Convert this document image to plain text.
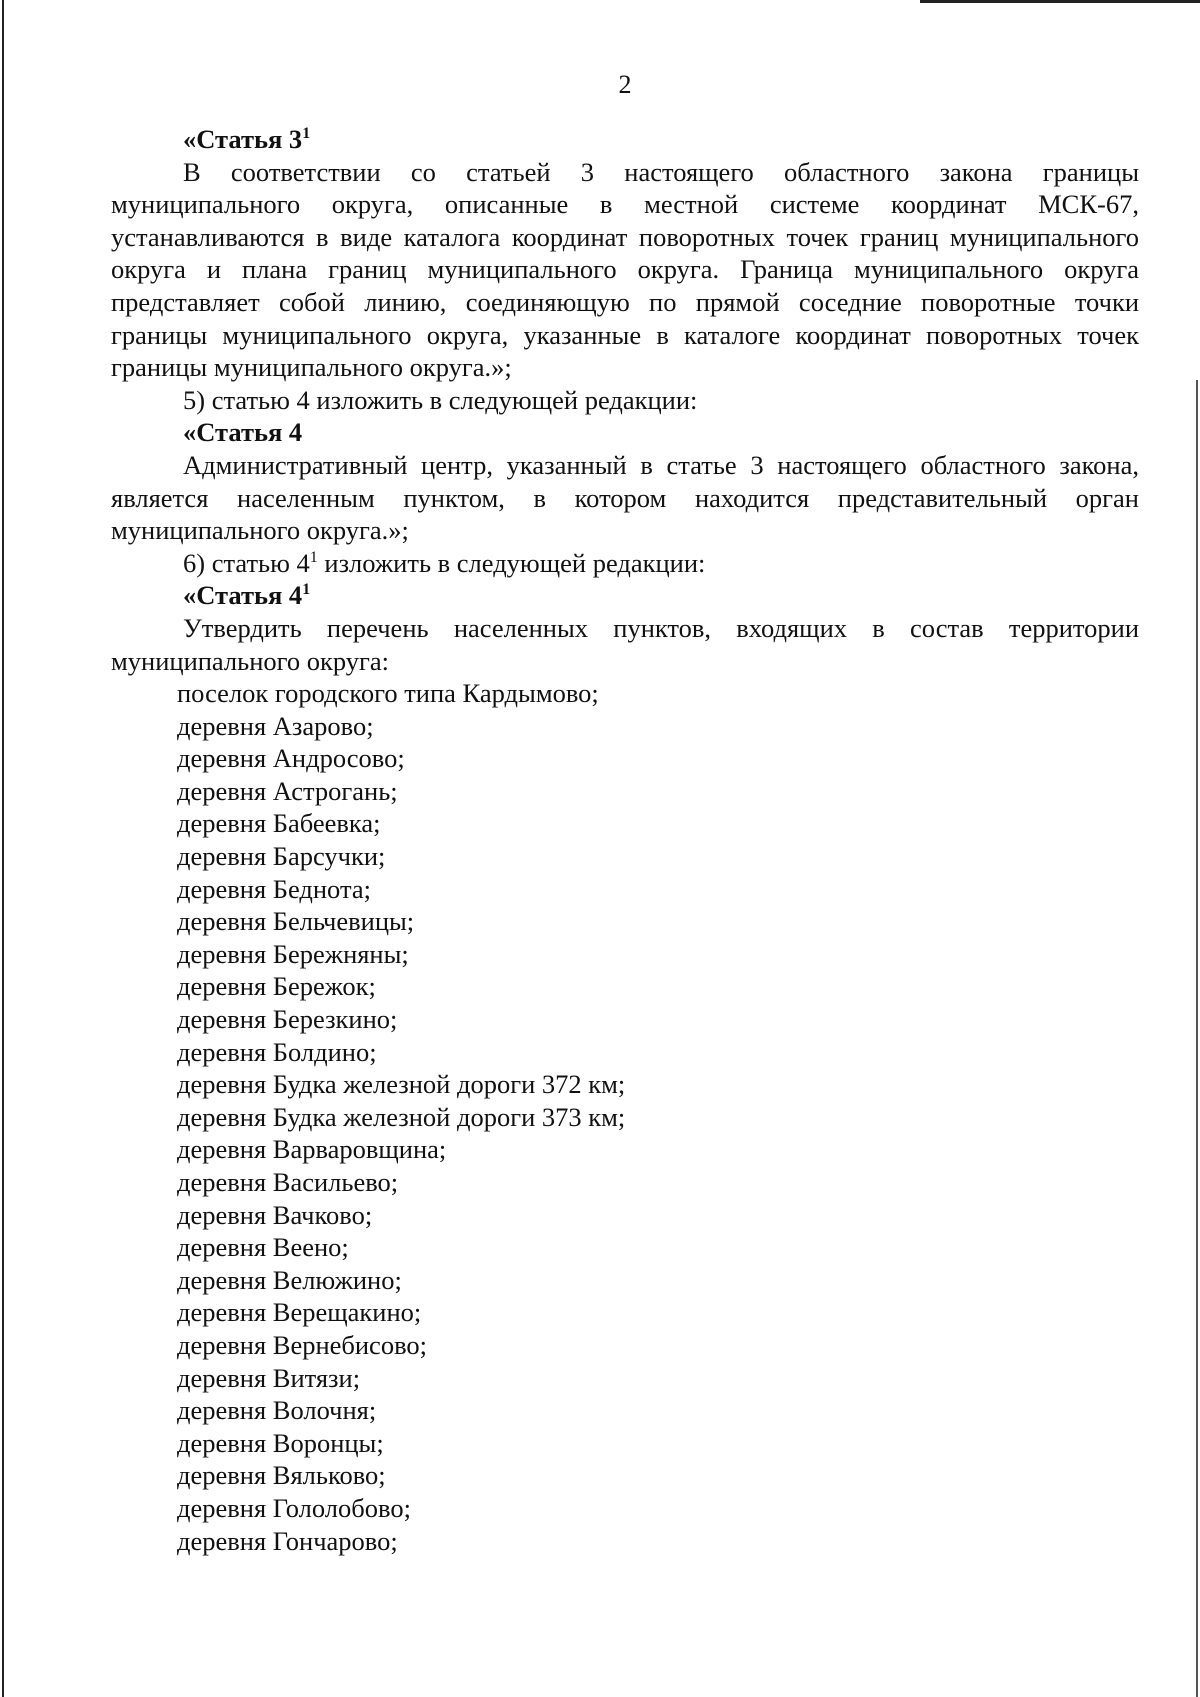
2
«Статья $3^1$
В соответствии со статьей 3 настоящего областного закона границы муниципального округа, описанные в местной системе координат МСК-67, устанавливаются в виде каталога координат поворотных точек границ муниципального округа и плана границ муниципального округа. Граница муниципального округа представляет собой линию, соединяющую по прямой соседние поворотные точки границы муниципального округа, указанные в каталоге координат поворотных точек границы муниципального округа.»;
5) статью 4 изложить в следующей редакции:
«Статья 4
Административный центр, указанный в статье 3 настоящего областного закона, является населенным пунктом, в котором находится представительный орган муниципального округа.»;
6) статью $4^1$ изложить в следующей редакции:
«Статья $4^1$
Утвердить перечень населенных пунктов, входящих в состав территории муниципального округа:
поселок городского типа Кардымово;
деревня Азарово;
деревня Андросово;
деревня Астрогань;
деревня Бабеевка;
деревня Барсучки;
деревня Беднота;
деревня Бельчевицы;
деревня Бережняны;
деревня Бережок;
деревня Березкино;
деревня Болдино;
деревня Будка железной дороги 372 км;
деревня Будка железной дороги 373 км;
деревня Варваровщина;
деревня Васильево;
деревня Вачково;
деревня Веено;
деревня Велюжино;
деревня Верещакино;
деревня Вернебисово;
деревня Витязи;
деревня Волочня;
деревня Воронцы;
деревня Вяльково;
деревня Гололобово;
деревня Гончарово;
